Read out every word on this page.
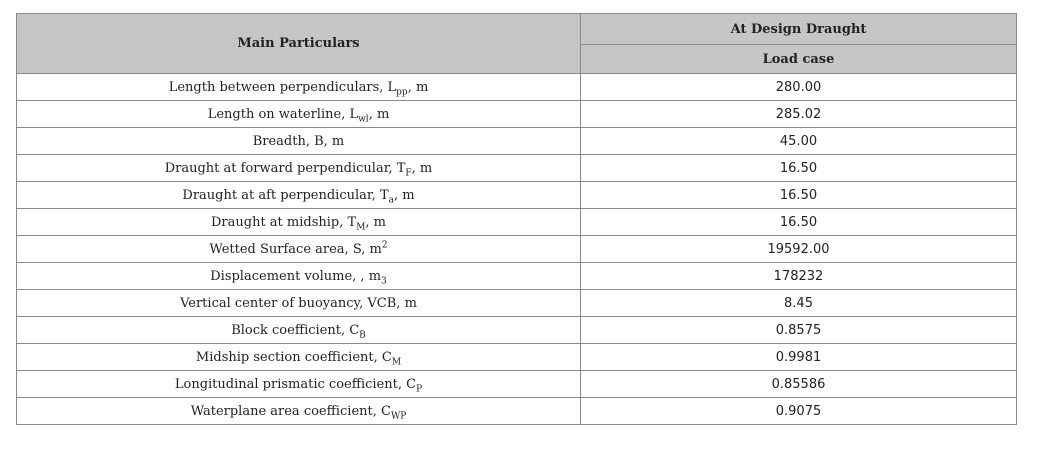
Main Particulars	At Design Draught
	Load case
Length between perpendiculars, $L_{pp}$, m	280.00
Length on waterline, $L_{wl}$, m	285.02
Breadth, B, m	45.00
Draught at forward perpendicular, $T_F$, m	16.50
Draught at aft perpendicular, $T_a$, m	16.50
Draught at midship, $T_M$, m	16.50
Wetted Surface area, S, $m^2$	19592.00
Displacement volume, , $m_3$	178232
Vertical center of buoyancy, VCB, m	8.45
Block coefficient, $C_B$	0.8575
Midship section coefficient, $C_M$	0.9981
Longitudinal prismatic coefficient, $C_P$	0.85586
Waterplane area coefficient, $C_{WP}$	0.9075
